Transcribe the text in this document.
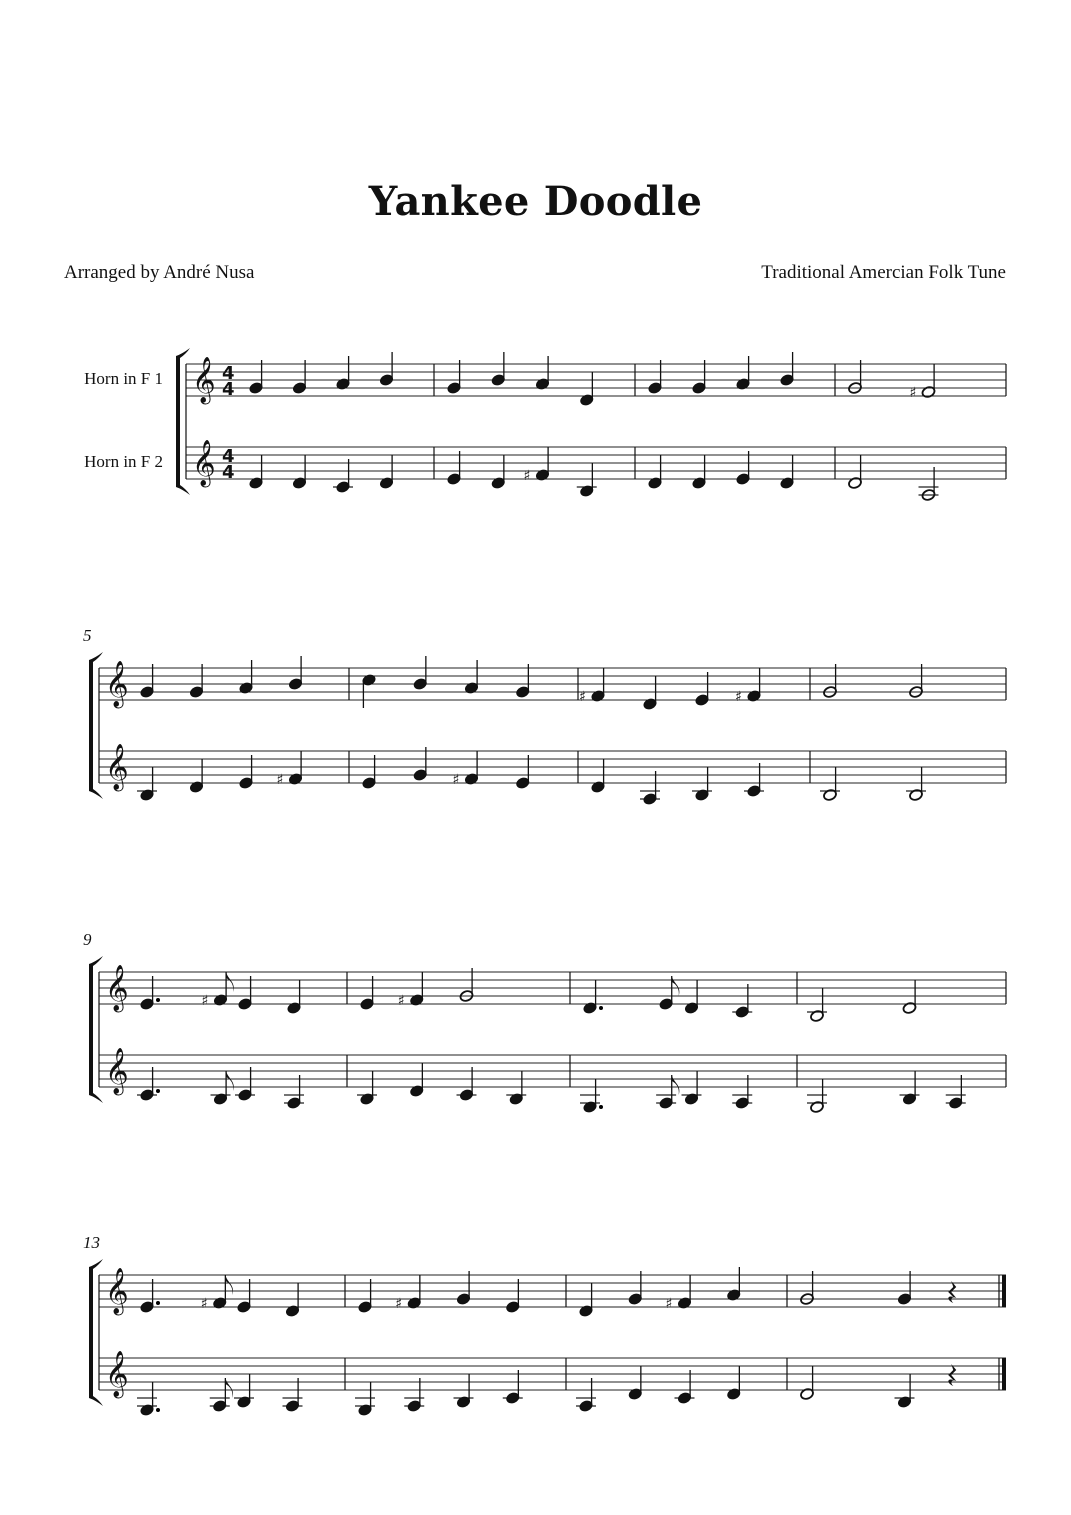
Yankee Doodle
Arranged by André Nusa	Traditional Amercian Folk Tune
𝄞 4
4
Horn in F 1
𝄞 4
4
Horn in F 2
♯
♯
𝄞
𝄞
5
♯	♯
♯	♯
𝄞
𝄞
9
♯	♯
𝄞
𝄞
13
♯	♯	♯
